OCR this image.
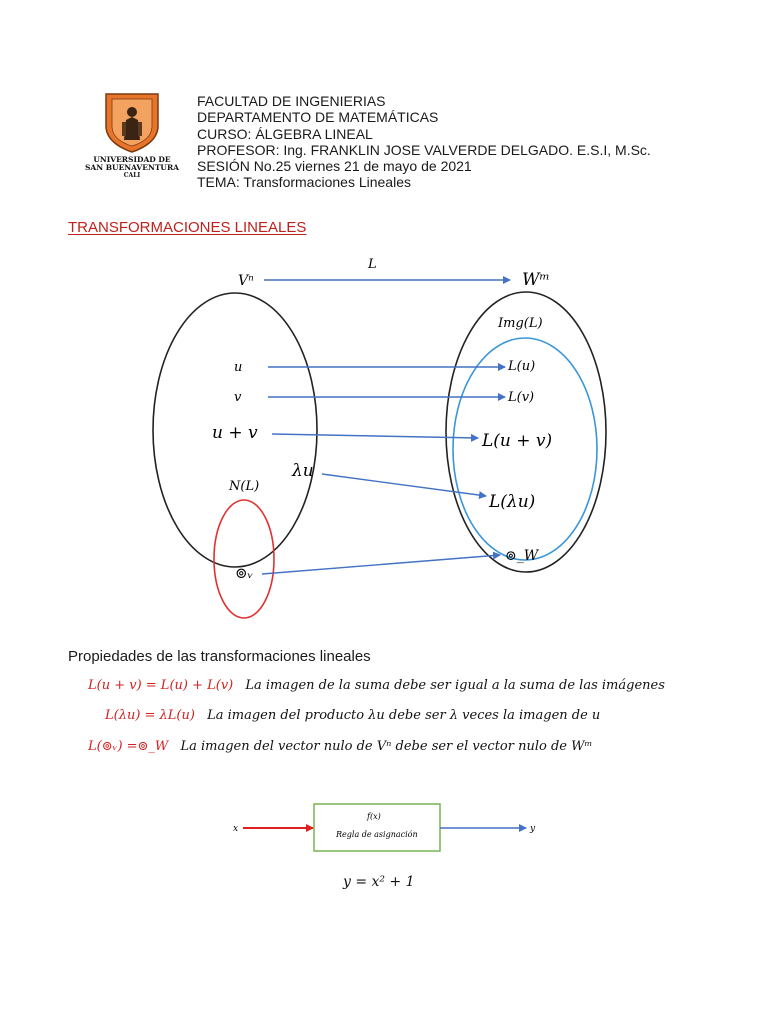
UNIVERSIDAD DE
SAN BUENAVENTURA
CALI
FACULTAD DE INGENIERIAS
DEPARTAMENTO DE MATEMÁTICAS
CURSO: ÁLGEBRA LINEAL
PROFESOR: Ing. FRANKLIN JOSE VALVERDE DELGADO. E.S.I, M.Sc.
SESIÓN No.25 viernes 21 de mayo de 2021
TEMA: Transformaciones Lineales
TRANSFORMACIONES LINEALES
Vⁿ
L
Wᵐ
N(L)
Img(L)
u
v
u + v
λu
⊚ᵥ
L(u)
L(v)
L(u + v)
L(λu)
⊚_W
Propiedades de las transformaciones lineales
L(u + v) = L(u) + L(v) La imagen de la suma debe ser igual a la suma de las imágenes
L(λu) = λL(u) La imagen del producto λu debe ser λ veces la imagen de u
L(⊚ᵥ) =⊚_W La imagen del vector nulo de Vⁿ debe ser el vector nulo de Wᵐ
x
f(x)
Regla de asignación
y
y = x² + 1
